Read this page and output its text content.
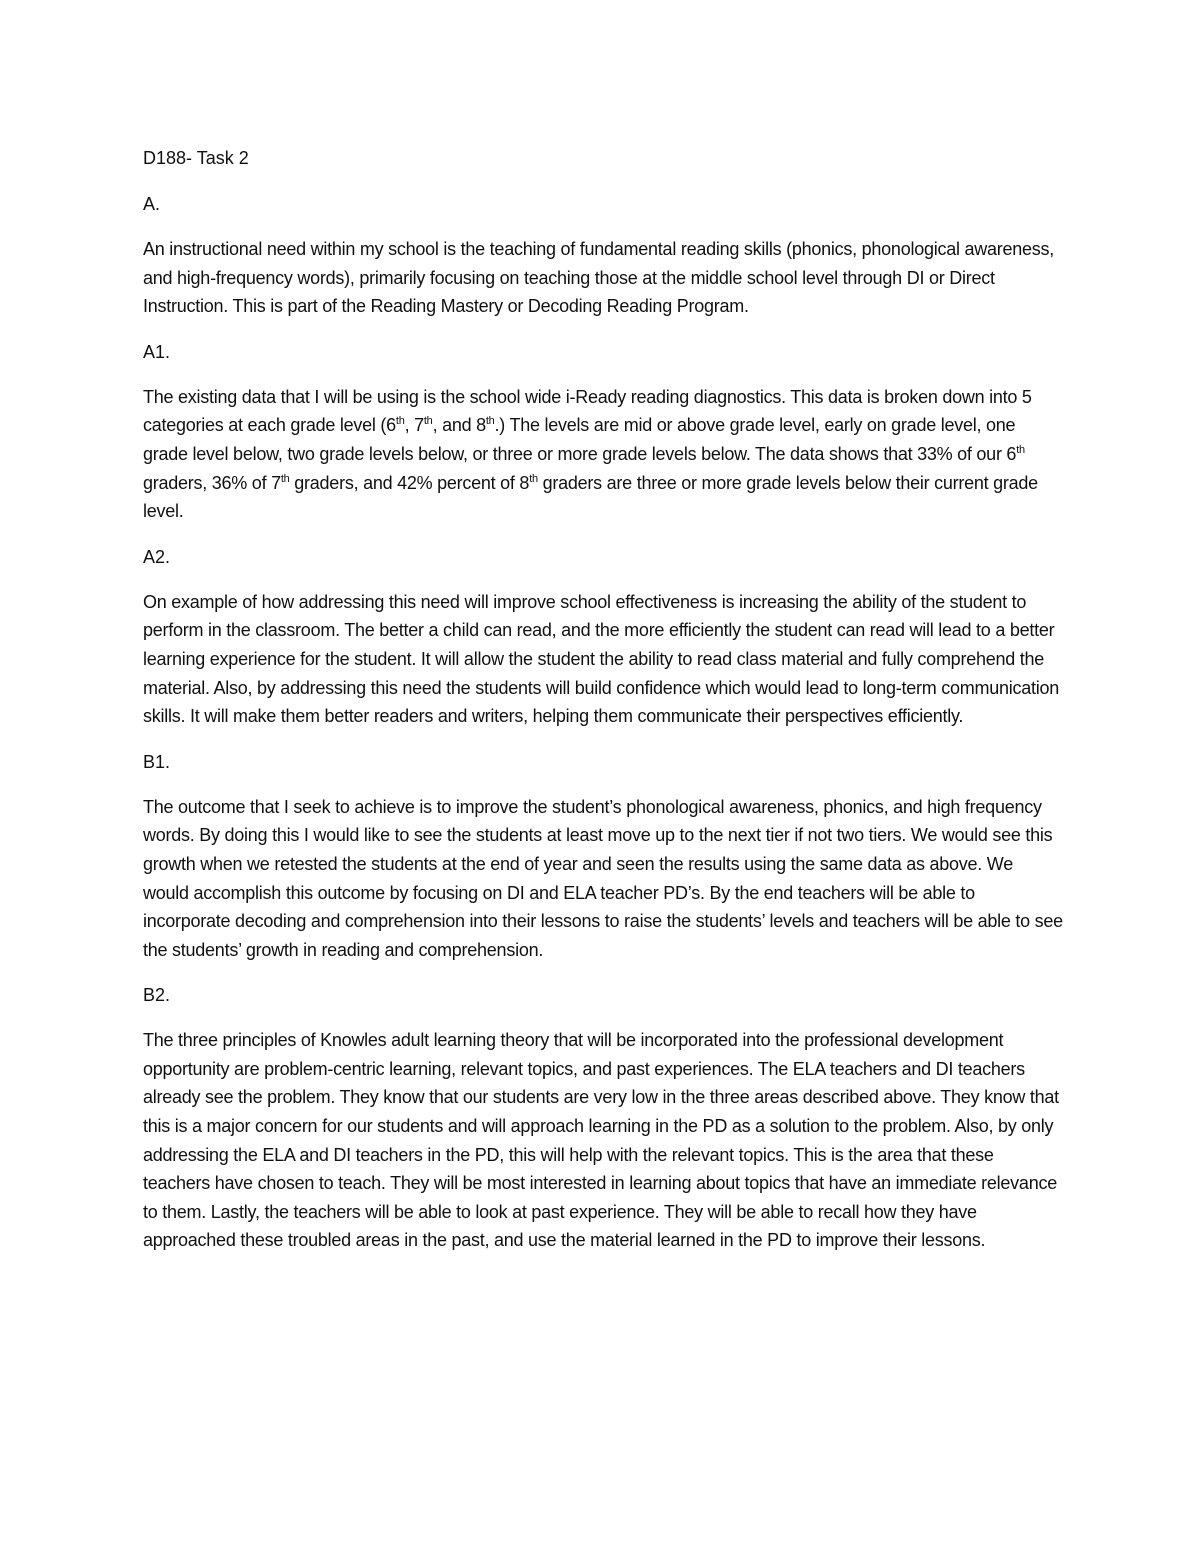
D188- Task 2
A.
An instructional need within my school is the teaching of fundamental reading skills (phonics, phonological awareness, and high-frequency words), primarily focusing on teaching those at the middle school level through DI or Direct Instruction. This is part of the Reading Mastery or Decoding Reading Program.
A1.
The existing data that I will be using is the school wide i-Ready reading diagnostics. This data is broken down into 5 categories at each grade level (6th, 7th, and 8th.) The levels are mid or above grade level, early on grade level, one grade level below, two grade levels below, or three or more grade levels below. The data shows that 33% of our 6th graders, 36% of 7th graders, and 42% percent of 8th graders are three or more grade levels below their current grade level.
A2.
On example of how addressing this need will improve school effectiveness is increasing the ability of the student to perform in the classroom. The better a child can read, and the more efficiently the student can read will lead to a better learning experience for the student. It will allow the student the ability to read class material and fully comprehend the material. Also, by addressing this need the students will build confidence which would lead to long-term communication skills. It will make them better readers and writers, helping them communicate their perspectives efficiently.
B1.
The outcome that I seek to achieve is to improve the student’s phonological awareness, phonics, and high frequency words. By doing this I would like to see the students at least move up to the next tier if not two tiers. We would see this growth when we retested the students at the end of year and seen the results using the same data as above. We would accomplish this outcome by focusing on DI and ELA teacher PD’s. By the end teachers will be able to incorporate decoding and comprehension into their lessons to raise the students’ levels and teachers will be able to see the students’ growth in reading and comprehension.
B2.
The three principles of Knowles adult learning theory that will be incorporated into the professional development opportunity are problem-centric learning, relevant topics, and past experiences. The ELA teachers and DI teachers already see the problem. They know that our students are very low in the three areas described above. They know that this is a major concern for our students and will approach learning in the PD as a solution to the problem. Also, by only addressing the ELA and DI teachers in the PD, this will help with the relevant topics. This is the area that these teachers have chosen to teach. They will be most interested in learning about topics that have an immediate relevance to them. Lastly, the teachers will be able to look at past experience. They will be able to recall how they have approached these troubled areas in the past, and use the material learned in the PD to improve their lessons.
